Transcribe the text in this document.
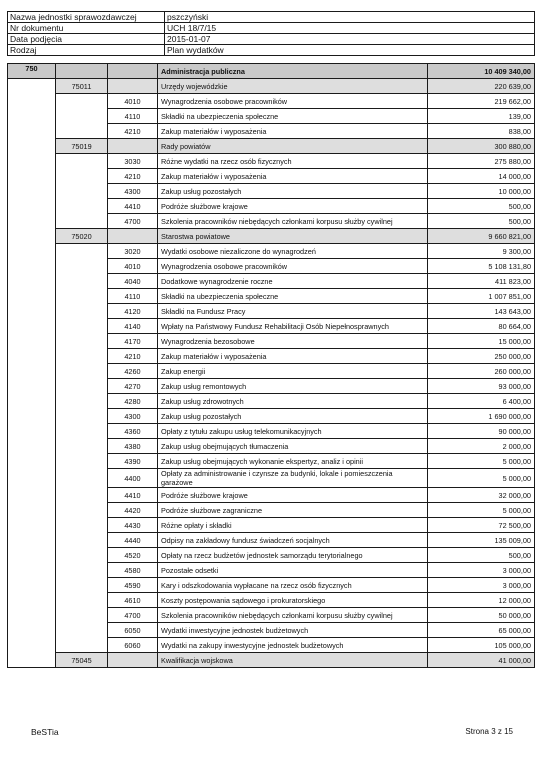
Nazwa jednostki sprawozdawczej	pszczyński
Nr dokumentu	UCH 18/7/15
Data podjęcia	2015-01-07
Rodzaj	Plan wydatków
750			Administracja publiczna	10 409 340,00
	75011		Urzędy wojewódzkie	220 639,00
		4010	Wynagrodzenia osobowe pracowników	219 662,00
		4110	Składki na ubezpieczenia społeczne	139,00
		4210	Zakup materiałów i wyposażenia	838,00
	75019		Rady powiatów	300 880,00
		3030	Różne wydatki na rzecz osób fizycznych	275 880,00
		4210	Zakup materiałów i wyposażenia	14 000,00
		4300	Zakup usług pozostałych	10 000,00
		4410	Podróże służbowe krajowe	500,00
		4700	Szkolenia pracowników niebędących członkami korpusu służby cywilnej	500,00
	75020		Starostwa powiatowe	9 660 821,00
		3020	Wydatki osobowe niezaliczone do wynagrodzeń	9 300,00
		4010	Wynagrodzenia osobowe pracowników	5 108 131,80
		4040	Dodatkowe wynagrodzenie roczne	411 823,00
		4110	Składki na ubezpieczenia społeczne	1 007 851,00
		4120	Składki na Fundusz Pracy	143 643,00
		4140	Wpłaty na Państwowy Fundusz Rehabilitacji Osób Niepełnosprawnych	80 664,00
		4170	Wynagrodzenia bezosobowe	15 000,00
		4210	Zakup materiałów i wyposażenia	250 000,00
		4260	Zakup energii	260 000,00
		4270	Zakup usług remontowych	93 000,00
		4280	Zakup usług zdrowotnych	6 400,00
		4300	Zakup usług pozostałych	1 690 000,00
		4360	Opłaty z tytułu zakupu usług telekomunikacyjnych	90 000,00
		4380	Zakup usług obejmujących tłumaczenia	2 000,00
		4390	Zakup usług obejmujących wykonanie ekspertyz, analiz i opinii	5 000,00
		4400	Opłaty za administrowanie i czynsze za budynki, lokale i pomieszczenia garażowe	5 000,00
		4410	Podróże służbowe krajowe	32 000,00
		4420	Podróże służbowe zagraniczne	5 000,00
		4430	Różne opłaty i składki	72 500,00
		4440	Odpisy na zakładowy fundusz świadczeń socjalnych	135 009,00
		4520	Opłaty na rzecz budżetów jednostek samorządu terytorialnego	500,00
		4580	Pozostałe odsetki	3 000,00
		4590	Kary i odszkodowania wypłacane na rzecz osób fizycznych	3 000,00
		4610	Koszty postępowania sądowego i prokuratorskiego	12 000,00
		4700	Szkolenia pracowników niebędących członkami korpusu służby cywilnej	50 000,00
		6050	Wydatki inwestycyjne jednostek budżetowych	65 000,00
		6060	Wydatki na zakupy inwestycyjne jednostek budżetowych	105 000,00
	75045		Kwalifikacja wojskowa	41 000,00
BeSTia	Strona 3 z 15
